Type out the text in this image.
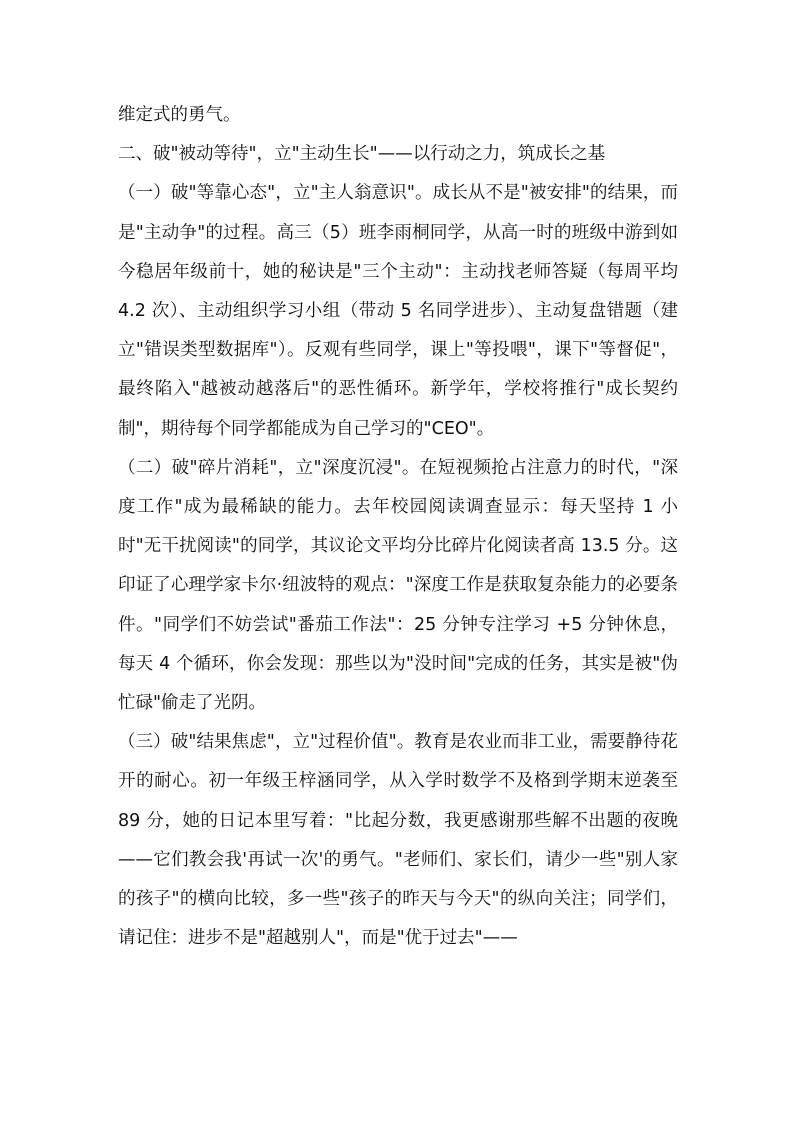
维定式的勇气。

二、破"被动等待"，立"主动生长"——以行动之力，筑成长之基

（一）破"等靠心态"，立"主人翁意识"。成长从不是"被安排"的结果，而是"主动争"的过程。高三（5）班李雨桐同学，从高一时的班级中游到如今稳居年级前十，她的秘诀是"三个主动"：主动找老师答疑（每周平均 4.2 次）、主动组织学习小组（带动 5 名同学进步）、主动复盘错题（建立"错误类型数据库"）。反观有些同学，课上"等投喂"，课下"等督促"，最终陷入"越被动越落后"的恶性循环。新学年，学校将推行"成长契约制"，期待每个同学都能成为自己学习的"CEO"。

（二）破"碎片消耗"，立"深度沉浸"。在短视频抢占注意力的时代，"深度工作"成为最稀缺的能力。去年校园阅读调查显示：每天坚持 1 小时"无干扰阅读"的同学，其议论文平均分比碎片化阅读者高 13.5 分。这印证了心理学家卡尔·纽波特的观点："深度工作是获取复杂能力的必要条件。"同学们不妨尝试"番茄工作法"：25 分钟专注学习 +5 分钟休息，每天 4 个循环，你会发现：那些以为"没时间"完成的任务，其实是被"伪忙碌"偷走了光阴。

（三）破"结果焦虑"，立"过程价值"。教育是农业而非工业，需要静待花开的耐心。初一年级王梓涵同学，从入学时数学不及格到学期末逆袭至 89 分，她的日记本里写着："比起分数，我更感谢那些解不出题的夜晚——它们教会我'再试一次'的勇气。"老师们、家长们，请少一些"别人家的孩子"的横向比较，多一些"孩子的昨天与今天"的纵向关注；同学们，请记住：进步不是"超越别人"，而是"优于过去"——
